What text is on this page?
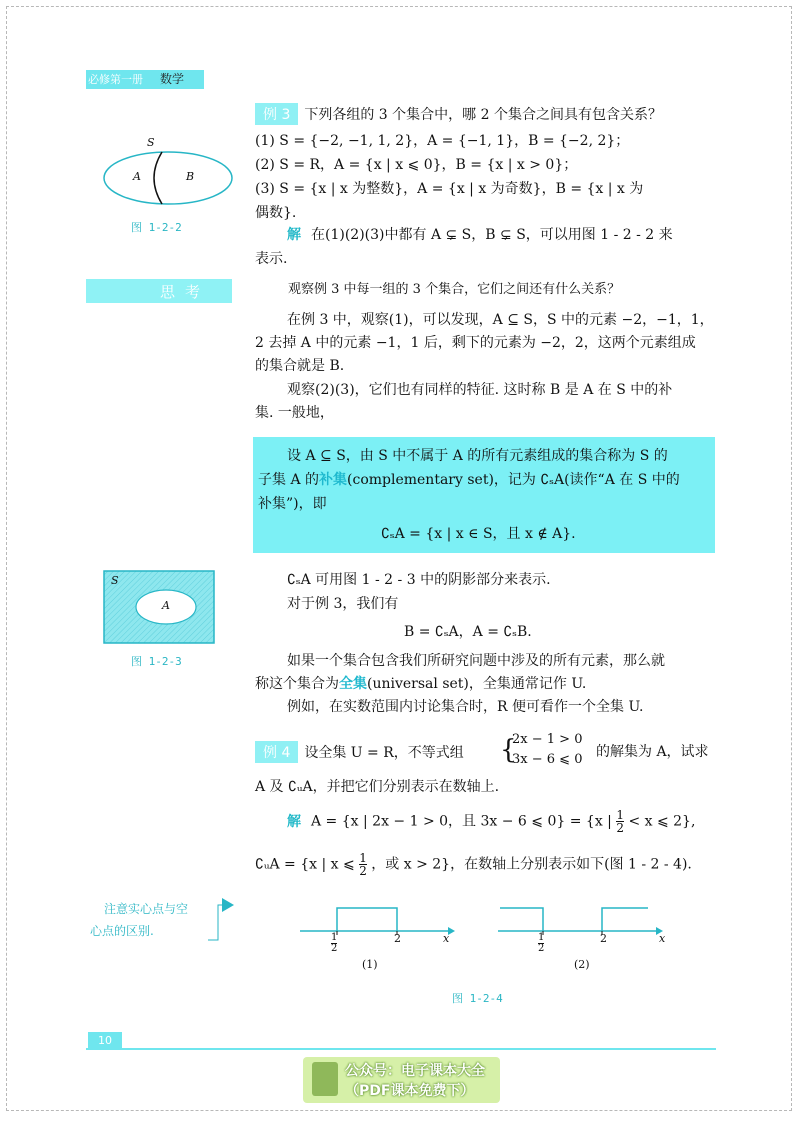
必修第一册 数学
S
A	B
图 1-2-2
例 3 下列各组的 3 个集合中，哪 2 个集合之间具有包含关系？
(1) S = {−2, −1, 1, 2}，A = {−1, 1}，B = {−2, 2}；
(2) S = R，A = {x | x ⩽ 0}，B = {x | x > 0}；
(3) S = {x | x 为整数}，A = {x | x 为奇数}，B = {x | x 为
偶数}.
解 在(1)(2)(3)中都有 A ⊊ S，B ⊊ S，可以用图 1 - 2 - 2 来
表示.
思考	观察例 3 中每一组的 3 个集合，它们之间还有什么关系？
在例 3 中，观察(1)，可以发现，A ⊆ S，S 中的元素 −2，−1，1，
2 去掉 A 中的元素 −1，1 后，剩下的元素为 −2，2，这两个元素组成
的集合就是 B.
观察(2)(3)，它们也有同样的特征. 这时称 B 是 A 在 S 中的补
集. 一般地，
设 A ⊆ S，由 S 中不属于 A 的所有元素组成的集合称为 S 的
子集 A 的补集(complementary set)，记为 ∁ₛA(读作“A 在 S 中的
补集”)，即
∁ₛA = {x | x ∈ S，且 x ∉ A}.
S
A
图 1-2-3
∁ₛA 可用图 1 - 2 - 3 中的阴影部分来表示.
对于例 3，我们有
B = ∁ₛA，A = ∁ₛB.
如果一个集合包含我们所研究问题中涉及的所有元素，那么就
称这个集合为全集(universal set)，全集通常记作 U.
例如，在实数范围内讨论集合时，R 便可看作一个全集 U.
例 4 设全集 U = R，不等式组 {
2x − 1 > 0
3x − 6 ⩽ 0 的解集为 A，试求
A 及 ∁ᵤA，并把它们分别表示在数轴上.
解 A = {x | 2x − 1 > 0，且 3x − 6 ⩽ 0} = {x | $\frac{1}{2} < x$ ⩽ 2},
∁ᵤA = {x | x ⩽ $\frac{1}{2}$ ，或 x > 2}，在数轴上分别表示如下(图 1 - 2 - 4).
注意实心点与空
心点的区别.
$\frac{1}{2}$	2	x	$\frac{1}{2}$	2	x
(1)	(2)
图 1-2-4
10
公众号：电子课本大全
（PDF课本免费下）
